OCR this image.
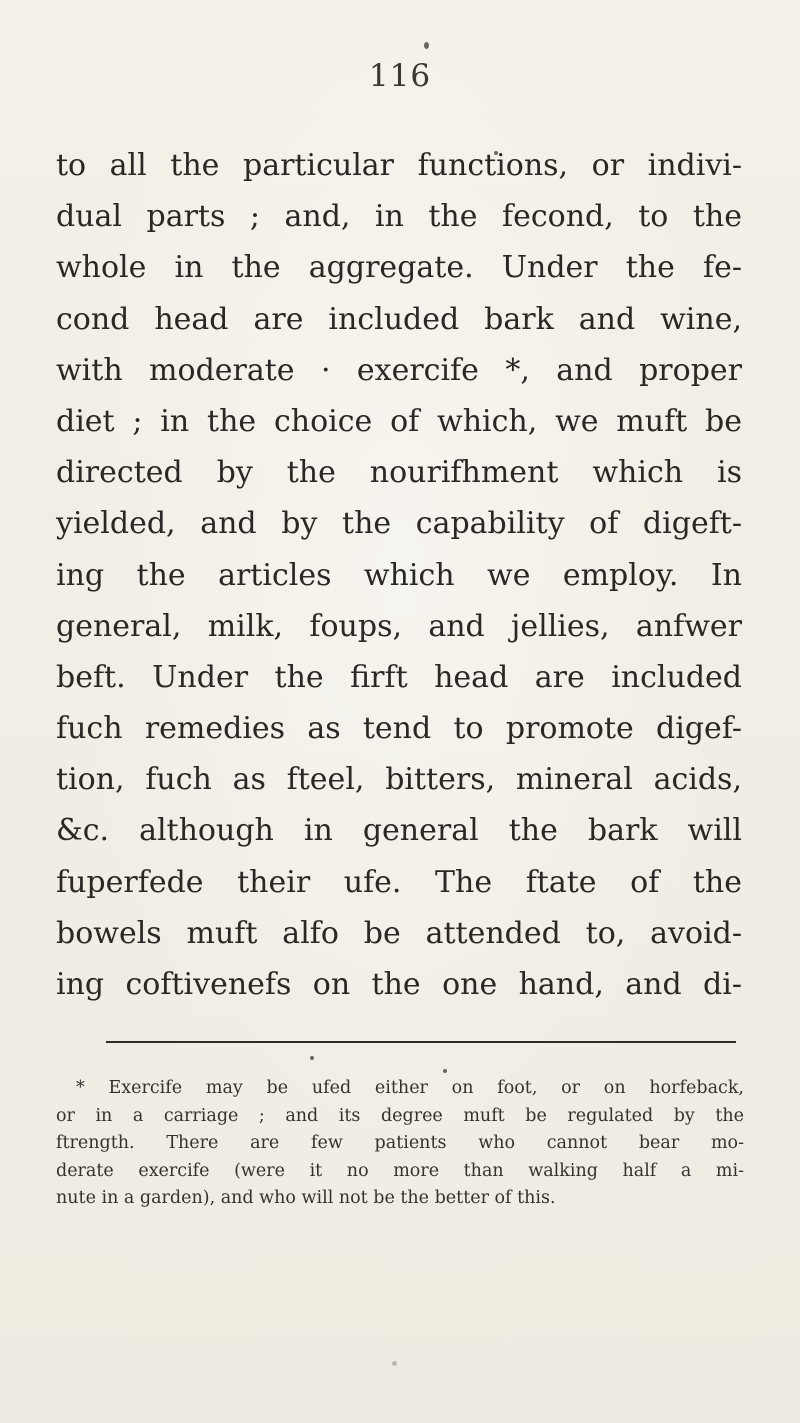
116
to all the particular functions, or indivi-
dual parts ; and, in the fecond, to the
whole in the aggregate. Under the fe-
cond head are included bark and wine,
with moderate · exercife *, and proper
diet ; in the choice of which, we muft be
directed by the nourifhment which is
yielded, and by the capability of digeft-
ing the articles which we employ. In
general, milk, foups, and jellies, anfwer
beft. Under the firft head are included
fuch remedies as tend to promote digef-
tion, fuch as fteel, bitters, mineral acids,
&c. although in general the bark will
fuperfede their ufe. The ftate of the
bowels muft alfo be attended to, avoid-
ing coftivenefs on the one hand, and di-
* Exercife may be ufed either on foot, or on horfeback,
or in a carriage ; and its degree muft be regulated by the
ftrength. There are few patients who cannot bear mo-
derate exercife (were it no more than walking half a mi-
nute in a garden), and who will not be the better of this.
